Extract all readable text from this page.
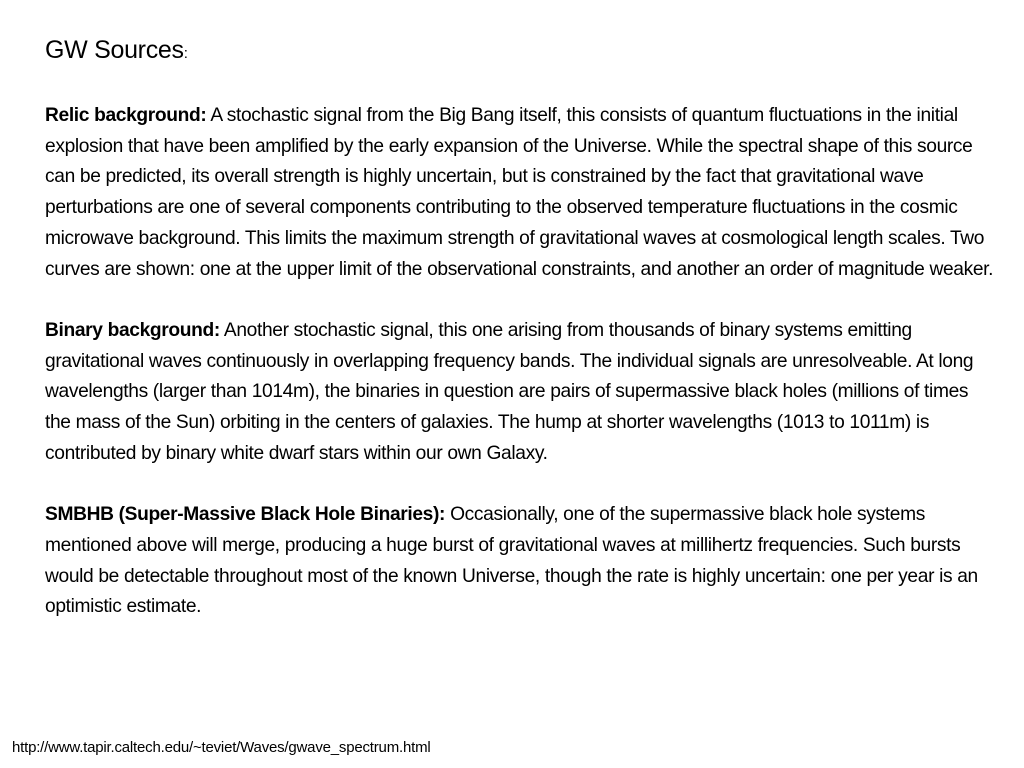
GW Sources:

Relic background: A stochastic signal from the Big Bang itself, this consists of quantum fluctuations in the initial explosion that have been amplified by the early expansion of the Universe. While the spectral shape of this source can be predicted, its overall strength is highly uncertain, but is constrained by the fact that gravitational wave perturbations are one of several components contributing to the observed temperature fluctuations in the cosmic microwave background. This limits the maximum strength of gravitational waves at cosmological length scales. Two curves are shown: one at the upper limit of the observational constraints, and another an order of magnitude weaker.

Binary background: Another stochastic signal, this one arising from thousands of binary systems emitting gravitational waves continuously in overlapping frequency bands. The individual signals are unresolveable. At long wavelengths (larger than 1014m), the binaries in question are pairs of supermassive black holes (millions of times the mass of the Sun) orbiting in the centers of galaxies. The hump at shorter wavelengths (1013 to 1011m) is contributed by binary white dwarf stars within our own Galaxy.

SMBHB (Super-Massive Black Hole Binaries): Occasionally, one of the supermassive black hole systems mentioned above will merge, producing a huge burst of gravitational waves at millihertz frequencies. Such bursts would be detectable throughout most of the known Universe, though the rate is highly uncertain: one per year is an optimistic estimate.

http://www.tapir.caltech.edu/~teviet/Waves/gwave_spectrum.html
